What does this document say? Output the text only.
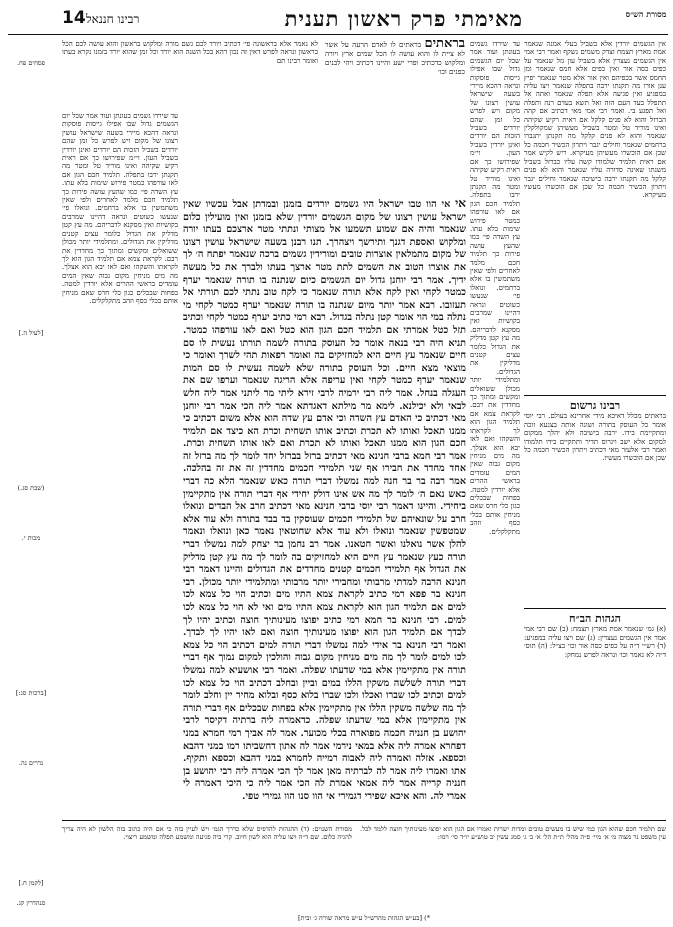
מסורת הש״ס
מאימתי פרק ראשון תענית
רבינו חננאל
14
בראתים בראתים לו לאדם הרעה על אשר לא ציית לו והוא עושה לו הכל שמים ארץ ויורה ומלקוש כדכתיב ופרי ישע והיינו דכתיב ויהי לבנים כפנים וכו׳
לא נאמר אלא בראשונה פי׳ דכתיב ויורד לכם גשם מורה ומלקוש בראשון והוא עושה לכם הכל בראשון ונראה לפרש דאין זה נכון דהא בכל השנה הוא יורד וכל זמן שהוא יורד בזמנו נקרא בעתו ואומר רבינו תם
אי אי הוו טבו ישראל היו גשמים יורדים בזמנן ובמדתן אבל עכשיו שאין ישראל עושין רצונו של מקום הגשמים יורדין שלא בזמנן ואין מועילין כלום שנאמר והיה אם שמוע תשמעו אל מצותי ונתתי מטר ארצכם בעתו יורה ומלקוש ואספת דגנך ותירשך ויצהרך. תנו רבנן בשעה שישראל עושין רצונו של מקום מתמלאין אוצרות טובים ומורידין גשמים ברכה שנאמר יפתח ה׳ לך את אוצרו הטוב את השמים לתת מטר ארצך בעתו ולברך את כל מעשה ידיך. אמר רבי יוחנן גדול יום הגשמים כיום שנתנה בו תורה שנאמר יערף כמטר לקחי ואין לקח אלא תורה שנאמר כי לקח טוב נתתי לכם תורתי אל תעזובו. רבא אמר יותר מיום שנתנה בו תורה שנאמר יערף כמטר לקחי מי נתלה במי הוי אומר קטן נתלה בגדול. רבא רמי כתיב יערף כמטר לקחי וכתיב תזל כטל אמרתי אם תלמיד חכם הגון הוא כטל ואם לאו עורפהו כמטר. תניא היה רבי בנאה אומר כל העוסק בתורה לשמה תורתו נעשית לו סם חיים שנאמר עץ חיים היא למחזיקים בה ואומר רפאות תהי לשרך ואומר כי מוצאי מצא חיים. וכל העוסק בתורה שלא לשמה נעשית לו סם המות שנאמר יערף כמטר לקחי ואין עריפה אלא הריגה שנאמר וערפו שם את העגלה בנחל. אמר ליה רבי ירמיה לרבי זירא ליתי מר ליתני אמר ליה חלש לבאי ולא יכילנא. לימא מר מילתא דאגדתא אמר ליה הכי אמר רבי יוחנן מאי דכתיב כי האדם עץ השדה וכי אדם עץ שדה הוא אלא משום דכתיב כי ממנו תאכל ואותו לא תכרת וכתיב אותו תשחית וכרת הא כיצד אם תלמיד חכם הגון הוא ממנו תאכל ואותו לא תכרת ואם לאו אותו תשחית וכרת. אמר רבי חמא ברבי חנינא מאי דכתיב ברזל בברזל יחד לומר לך מה ברזל זה אחד מחדד את חבירו אף שני תלמידי חכמים מחדדין זה את זה בהלכה. אמר רבה בר בר חנה למה נמשלו דברי תורה כאש שנאמר הלא כה דברי כאש נאם ה׳ לומר לך מה אש אינו דולק יחידי אף דברי תורה אין מתקיימין ביחידי. והיינו דאמר רבי יוסי ברבי חנינא מאי דכתיב חרב אל הבדים ונואלו חרב על שונאיהם של תלמידי חכמים שעוסקין בד בבד בתורה ולא עוד אלא שמטפשין שנאמר ונואלו ולא עוד אלא שחוטאין נאמר כאן ונואלו ונאמר להלן אשר נואלנו ואשר חטאנו. אמר רב נחמן בר יצחק למה נמשלו דברי תורה כעץ שנאמר עץ חיים היא למחזיקים בה לומר לך מה עץ קטן מדליק את הגדול אף תלמידי חכמים קטנים מחדדים את הגדולים והיינו דאמר רבי חנינא הרבה למדתי מרבותי ומחבירי יותר מרבותי ומתלמידי יותר מכולן. רבי חנינא בר פפא רמי כתיב לקראת צמא התיו מים וכתיב הוי כל צמא לכו למים אם תלמיד הגון הוא לקראת צמא התיו מים ואי לא הוי כל צמא לכו למים. רבי חנינא בר חמא רמי כתיב יפוצו מעינותיך חוצה וכתיב יהיו לך לבדך אם תלמיד הגון הוא יפוצו מעינותיך חוצה ואם לאו יהיו לך לבדך. ואמר רבי חנינא בר אידי למה נמשלו דברי תורה למים דכתיב הוי כל צמא לכו למים לומר לך מה מים מניחין מקום גבוה והולכין למקום נמוך אף דברי תורה אין מתקיימין אלא במי שדעתו שפלה. ואמר רבי אושעיא למה נמשלו דברי תורה לשלשה משקין הללו במים וביין ובחלב דכתיב הוי כל צמא לכו למים וכתיב לכו שברו ואכלו ולכו שברו בלוא כסף ובלוא מחיר יין וחלב לומר לך מה שלשה משקין הללו אין מתקיימין אלא בפחות שבכלים אף דברי תורה אין מתקיימין אלא במי שדעתו שפלה. כדאמרה ליה ברתיה דקיסר לרבי יהושע בן חנניה חכמה מפוארה בכלי מכוער. אמר לה אביך רמי חמרא במני דפחרא אמרה ליה אלא במאי נירמי אמר לה אתון דחשביתו רמו במני דהבא וכספא. אזלה ואמרה ליה לאבוה רמייה לחמרא במני דהבא וכספא ותקיף. אתו ואמרו ליה אמר לה לברתיה מאן אמר לך הכי אמרה ליה רבי יהושע בן חנניה קרייה אמר ליה אמאי אמרת לה הכי אמר ליה כי היכי דאמרה לי אמרי לה. והא איכא שפירי דגמירי אי הוו סנו הוו גמירי טפי.
אין הגשמים יורדין אלא בשביל בעלי אמנה שנאמר אמת מארץ תצמח וצדק משמים נשקף ואמר רבי אמי אין הגשמים נעצרין אלא בשביל עון גזל שנאמר על כפים כסה אור ואין כפים אלא חמס שנאמר ומן החמס אשר בכפיהם ואין אור אלא מטר שנאמר יפיץ ענן אורו מה תקנתו ירבה בתפלה שנאמר ויצו עליה במפגיע ואין פגיעה אלא תפלה שנאמר ואתה אל תתפלל בעד העם הזה ואל תשא בעדם רנה ותפלה ואל תפגע בי. ואמר רבי אמי מאי דכתיב אם קהה הברזל והוא לא פנים קלקל אם ראית רקיע שקיהה ואינו מוריד טל ומטר בשביל מעשיהן שמקולקלין שנאמר והוא לא פנים קלקל מה תקנתן יתגברו ברחמים שנאמר וחילים יגבר ויתרון הכשיר חכמה כל שכן אם הוכשרו מעשיהן מעיקרא. ריש לקיש אמר אם ראית תלמיד שלמודו קשה עליו כברזל בשביל משנתו שאינה סדורה עליו שנאמר והוא לא פנים קלקל מה תקנתו ירבה בישיבה שנאמר וחילים יגבר ויתרון הכשיר חכמה כל שכן אם הוכשרו מעשיו מעיקרא.
עד שירדו גשמים בעונתן ועוד אמר שכל יום הגשמים גדול שבו אפילו גייסות פוסקות ונראה דהכא מיירי בשעה שישראל עושין רצונו של מקום ויש לפרש כל זמן שהם יורדים בשביל הזכות הם יורדים ואינן יורדין בשביל העון. וי״מ שפירושו כך אם ראית רקיע שקיהה ואינו מוריד טל ומטר מה תקנתן ירבו בתפלה. תלמיד חכם הגון אם לאו עורפהו כמטר פירוש שימות בלא עתו. עץ השדה פי׳ כמו שהעץ עושה פירות כך תלמיד חכם מלמד לאחרים ולפי שאין משתמשין בו אלא ברחמים. ונואלו פי׳ שנעשו כשוטים ונראה דהיינו שמרבים בקושיות ואין מסקנא לדבריהם. מה עץ קטן מדליק את הגדול כלומר עצים קטנים מדליקין את הגדולים. ומתלמידי יותר מכולן ששואלים ומקשים ומתוך כך מחדדין את רבם. לקראת צמא אם תלמיד הגון הוא לך לקראתו והשקהו ואם לאו יבא הוא אצלך. מה מים מניחין מקום גבוה שאין המים עומדים בראשי ההרים אלא יורדין למטה. בפחות שבכלים כגון כלי חרס שאם מניחין אותם בכלי כסף וזהב מתקלקלים.
רבינו גרשום
בראתים מכלל דאיכא מידי אחרינא בעולם. רבי יוסי אומר כל העוסק בתורה ושונה אותה בצנעא זוכה ומתקיימת בידו. ירבה בישיבה ולא יהלך ממקום למקום אלא ישב ויגרוס תדיר ותתקיים בידו תלמודו ואמר רבי אלעזר מאי דכתיב ויתרון הכשיר חכמה כל שכן אם הוכשרו מעשיו.
הגהות הב״ח
(א) גמ׳ שנאמר אמת מארץ תצמח: (ב) שם רבי אמי אמר אין הגשמים נעצרין: (ג) שם ויצו עליה במפגיע: (ד) רש״י ד״ה על כפים כסה אור וכו׳ כצ״ל: (ה) תוס׳ ד״ה לא נאמר וכו׳ ונראה לפרש נמחק:
עד שירדו גשמים בעונתן ועוד אמר שכל יום הגשמים גדול שבו אפילו גייסות פוסקות ונראה דהכא מיירי בשעה שישראל עושין רצונו של מקום ויש לפרש כל זמן שהם יורדים בשביל הזכות הם יורדים ואינן יורדין בשביל העון. וי״מ שפירושו כך אם ראית רקיע שקיהה ואינו מוריד טל ומטר מה תקנתן ירבו בתפלה. תלמיד חכם הגון אם לאו עורפהו כמטר פירוש שימות בלא עתו. עץ השדה פי׳ כמו שהעץ עושה פירות כך תלמיד חכם מלמד לאחרים ולפי שאין משתמשין בו אלא ברחמים. ונואלו פי׳ שנעשו כשוטים ונראה דהיינו שמרבים בקושיות ואין מסקנא לדבריהם. מה עץ קטן מדליק את הגדול כלומר עצים קטנים מדליקין את הגדולים. ומתלמידי יותר מכולן ששואלים ומקשים ומתוך כך מחדדין את רבם. לקראת צמא אם תלמיד הגון הוא לך לקראתו והשקהו ואם לאו יבא הוא אצלך. מה מים מניחין מקום גבוה שאין המים עומדים בראשי ההרים אלא יורדין למטה. בפחות שבכלים כגון כלי חרס שאם מניחין אותם בכלי כסף וזהב מתקלקלים.
פסחים פח.
[לעיל ה.]
(שבת סג.)
מכות י.
[ברכות סג:]
נדרים נה.
[לקמן ח.]
סנהדרין קג.
מסורת השנוים: (ד) ההגהות להדפיס שלא כדרך הגמ׳ ויש לעיין בזה כי אם היה כתוב בזה הלשון לא היה צריך להגיה כלום. שם ד״ה ויצו עליה הוא לשון חיוב. קרי ביה פגיעה ומשמע תפלה ומשמע ריצוי.
שם תלמיד חכם שהוא הגון כמי שיש בו מעשים טובים ומדות ישרות ואמרו אם הגון הוא יפוצו מעינותיך חוצה ללמד לכל. עין משפט נר מצוה מ׳ א׳ מיי׳ פ״ה מהל׳ ת״ת הל׳ א׳ ב׳ ג׳ סמג עשין יב טוש״ע יו״ד סי׳ רמו:
*) [בע״ש הגהות מהרש״ל ע״ש מראה שורה ג׳ ובית]
